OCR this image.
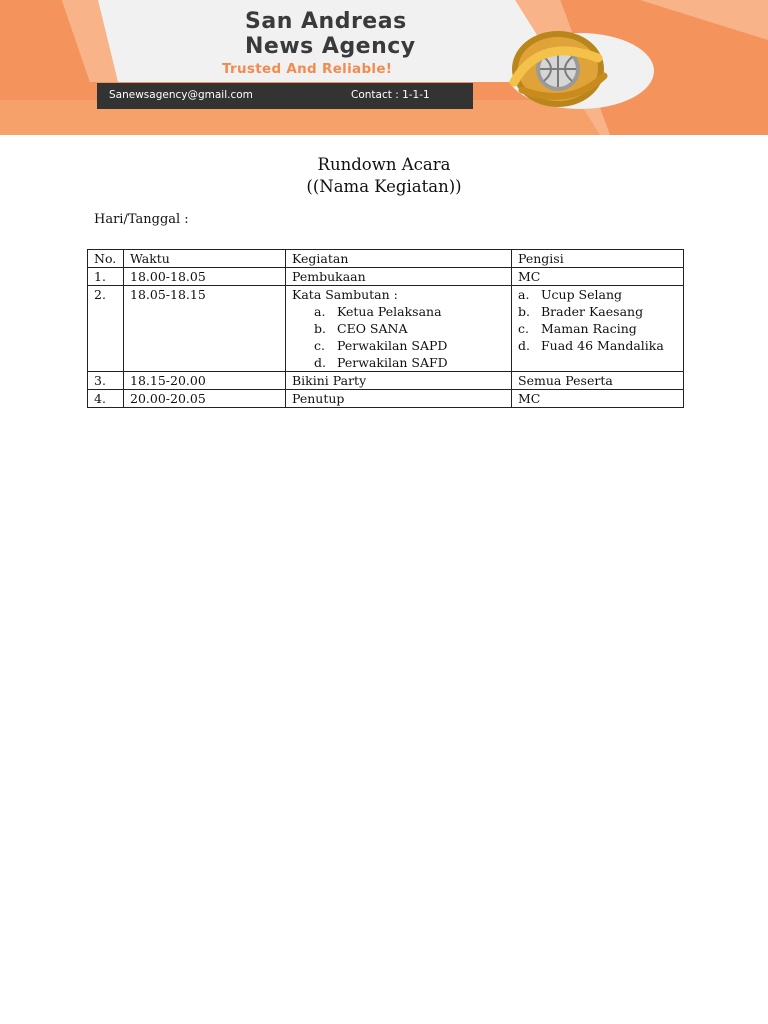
San Andreas
News Agency
Trusted And Reliable!
Sanewsagency@gmail.com	Contact : 1-1-1
Rundown Acara
((Nama Kegiatan))
Hari/Tanggal :
No.	Waktu	Kegiatan	Pengisi
1.	18.00-18.05	Pembukaan	MC
2.	18.05-18.15	Kata Sambutan :
a. Ketua Pelaksana
b. CEO SANA
c. Perwakilan SAPD
d. Perwakilan SAFD	a. Ucup Selang
b. Brader Kaesang
c. Maman Racing
d. Fuad 46 Mandalika

3.	18.15-20.00	Bikini Party	Semua Peserta
4.	20.00-20.05	Penutup	MC
